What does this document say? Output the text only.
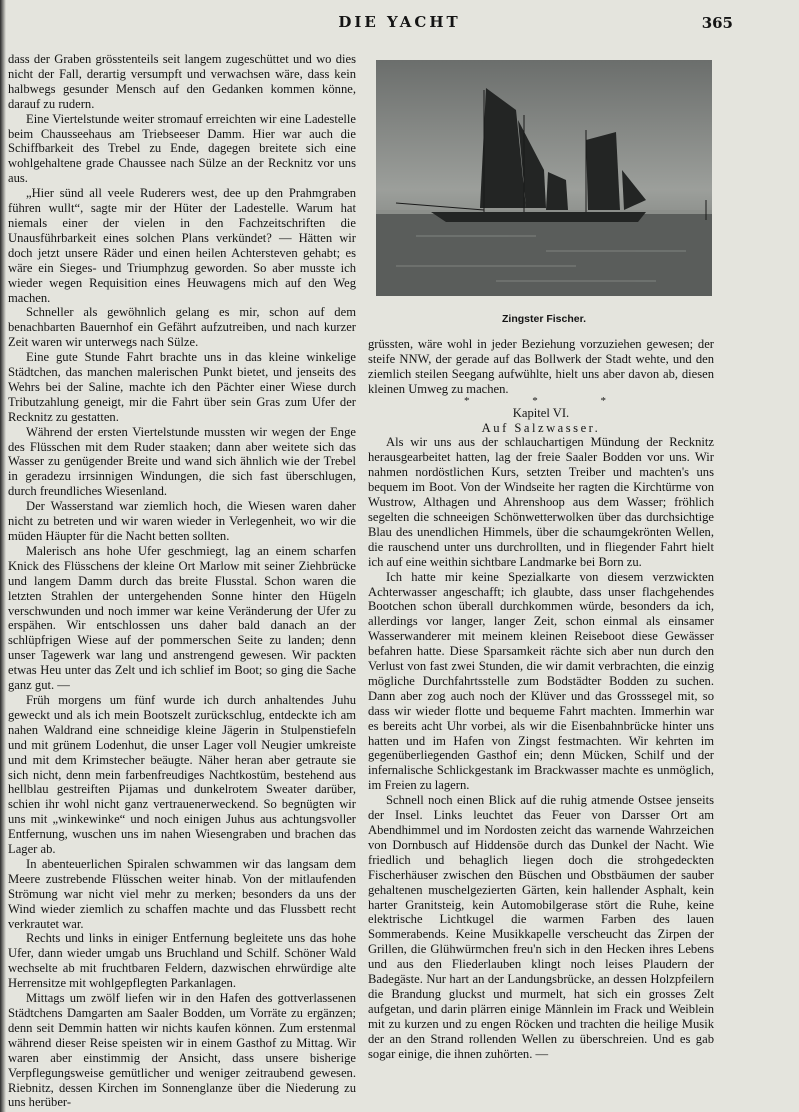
DIE YACHT	365

dass der Graben grösstenteils seit langem zugeschüttet und wo dies nicht der Fall, derartig versumpft und verwachsen wäre, dass kein halbwegs gesunder Mensch auf den Gedanken kommen könne, darauf zu rudern.

Eine Viertelstunde weiter stromauf erreichten wir eine Ladestelle beim Chausseehaus am Triebseeser Damm. Hier war auch die Schiffbarkeit des Trebel zu Ende, dagegen breitete sich eine wohlgehaltene grade Chaussee nach Sülze an der Recknitz vor uns aus.

„Hier sünd all veele Ruderers west, dee up den Prahmgraben führen wullt“, sagte mir der Hüter der Ladestelle. Warum hat niemals einer der vielen in den Fachzeitschriften die Unausführbarkeit eines solchen Plans verkündet? — Hätten wir doch jetzt unsere Räder und einen heilen Achtersteven gehabt; es wäre ein Sieges- und Triumphzug geworden. So aber musste ich wieder wegen Requisition eines Heuwagens mich auf den Weg machen.

Schneller als gewöhnlich gelang es mir, schon auf dem benachbarten Bauernhof ein Gefährt aufzutreiben, und nach kurzer Zeit waren wir unterwegs nach Sülze.

Eine gute Stunde Fahrt brachte uns in das kleine winkelige Städtchen, das manchen malerischen Punkt bietet, und jenseits des Wehrs bei der Saline, machte ich den Pächter einer Wiese durch Tributzahlung geneigt, mir die Fahrt über sein Gras zum Ufer der Recknitz zu gestatten.

Während der ersten Viertelstunde mussten wir wegen der Enge des Flüsschen mit dem Ruder staaken; dann aber weitete sich das Wasser zu genügender Breite und wand sich ähnlich wie der Trebel in geradezu irrsinnigen Windungen, die sich fast überschlugen, durch freundliches Wiesenland.

Der Wasserstand war ziemlich hoch, die Wiesen waren daher nicht zu betreten und wir waren wieder in Verlegenheit, wo wir die müden Häupter für die Nacht betten sollten.

Malerisch ans hohe Ufer geschmiegt, lag an einem scharfen Knick des Flüsschens der kleine Ort Marlow mit seiner Ziehbrücke und langem Damm durch das breite Flusstal. Schon waren die letzten Strahlen der untergehenden Sonne hinter den Hügeln verschwunden und noch immer war keine Veränderung der Ufer zu erspähen. Wir entschlossen uns daher bald danach an der schlüpfrigen Wiese auf der pommerschen Seite zu landen; denn unser Tagewerk war lang und anstrengend gewesen. Wir packten etwas Heu unter das Zelt und ich schlief im Boot; so ging die Sache ganz gut. —

Früh morgens um fünf wurde ich durch anhaltendes Juhu geweckt und als ich mein Bootszelt zurückschlug, entdeckte ich am nahen Waldrand eine schneidige kleine Jägerin in Stulpenstiefeln und mit grünem Lodenhut, die unser Lager voll Neugier umkreiste und mit dem Krimstecher beäugte. Näher heran aber getraute sie sich nicht, denn mein farbenfreudiges Nachtkostüm, bestehend aus hellblau gestreiften Pijamas und dunkelrotem Sweater darüber, schien ihr wohl nicht ganz vertrauenerweckend. So begnügten wir uns mit „winkewinke“ und noch einigen Juhus aus achtungsvoller Entfernung, wuschen uns im nahen Wiesengraben und brachen das Lager ab.

In abenteuerlichen Spiralen schwammen wir das langsam dem Meere zustrebende Flüsschen weiter hinab. Von der mitlaufenden Strömung war nicht viel mehr zu merken; besonders da uns der Wind wieder ziemlich zu schaffen machte und das Flussbett recht verkrautet war.

Rechts und links in einiger Entfernung begleitete uns das hohe Ufer, dann wieder umgab uns Bruchland und Schilf. Schöner Wald wechselte ab mit fruchtbaren Feldern, dazwischen ehrwürdige alte Herrensitze mit wohlgepflegten Parkanlagen.

Mittags um zwölf liefen wir in den Hafen des gottverlassenen Städtchens Damgarten am Saaler Bodden, um Vorräte zu ergänzen; denn seit Demmin hatten wir nichts kaufen können. Zum erstenmal während dieser Reise speisten wir in einem Gasthof zu Mittag. Wir waren aber einstimmig der Ansicht, dass unsere bisherige Verpflegungsweise gemütlicher und weniger zeitraubend gewesen. Riebnitz, dessen Kirchen im Sonnenglanze über die Niederung zu uns herüber-

Zingster Fischer.

grüssten, wäre wohl in jeder Beziehung vorzuziehen gewesen; der steife NNW, der gerade auf das Bollwerk der Stadt wehte, und den ziemlich steilen Seegang aufwühlte, hielt uns aber davon ab, diesen kleinen Umweg zu machen.

* * *

Kapitel VI.

Auf Salzwasser.

Als wir uns aus der schlauchartigen Mündung der Recknitz herausgearbeitet hatten, lag der freie Saaler Bodden vor uns. Wir nahmen nordöstlichen Kurs, setzten Treiber und machten's uns bequem im Boot. Von der Windseite her ragten die Kirchtürme von Wustrow, Althagen und Ahrenshoop aus dem Wasser; fröhlich segelten die schneeigen Schönwetterwolken über das durchsichtige Blau des unendlichen Himmels, über die schaumgekrönten Wellen, die rauschend unter uns durchrollten, und in fliegender Fahrt hielt ich auf eine weithin sichtbare Landmarke bei Born zu.

Ich hatte mir keine Spezialkarte von diesem verzwickten Achterwasser angeschafft; ich glaubte, dass unser flachgehendes Bootchen schon überall durchkommen würde, besonders da ich, allerdings vor langer, langer Zeit, schon einmal als einsamer Wasserwanderer mit meinem kleinen Reiseboot diese Gewässer befahren hatte. Diese Sparsamkeit rächte sich aber nun durch den Verlust von fast zwei Stunden, die wir damit verbrachten, die einzig mögliche Durchfahrtsstelle zum Bodstädter Bodden zu suchen. Dann aber zog auch noch der Klüver und das Grosssegel mit, so dass wir wieder flotte und bequeme Fahrt machten. Immerhin war es bereits acht Uhr vorbei, als wir die Eisenbahnbrücke hinter uns hatten und im Hafen von Zingst festmachten. Wir kehrten im gegenüberliegenden Gasthof ein; denn Mücken, Schilf und der infernalische Schlickgestank im Brackwasser machte es unmöglich, im Freien zu lagern.

Schnell noch einen Blick auf die ruhig atmende Ostsee jenseits der Insel. Links leuchtet das Feuer von Darsser Ort am Abendhimmel und im Nordosten zeicht das warnende Wahrzeichen von Dornbusch auf Hiddensöe durch das Dunkel der Nacht. Wie friedlich und behaglich liegen doch die strohgedeckten Fischerhäuser zwischen den Büschen und Obstbäumen der sauber gehaltenen muschelgezierten Gärten, kein hallender Asphalt, kein harter Granitsteig, kein Automobilgerase stört die Ruhe, keine elektrische Lichtkugel die warmen Farben des lauen Sommerabends. Keine Musikkapelle verscheucht das Zirpen der Grillen, die Glühwürmchen freu'n sich in den Hecken ihres Lebens und aus den Fliederlauben klingt noch leises Plaudern der Badegäste. Nur hart an der Landungsbrücke, an dessen Holzpfeilern die Brandung gluckst und murmelt, hat sich ein grosses Zelt aufgetan, und darin plärren einige Männlein im Frack und Weiblein mit zu kurzen und zu engen Röcken und trachten die heilige Musik der an den Strand rollenden Wellen zu überschreien. Und es gab sogar einige, die ihnen zuhörten. —
